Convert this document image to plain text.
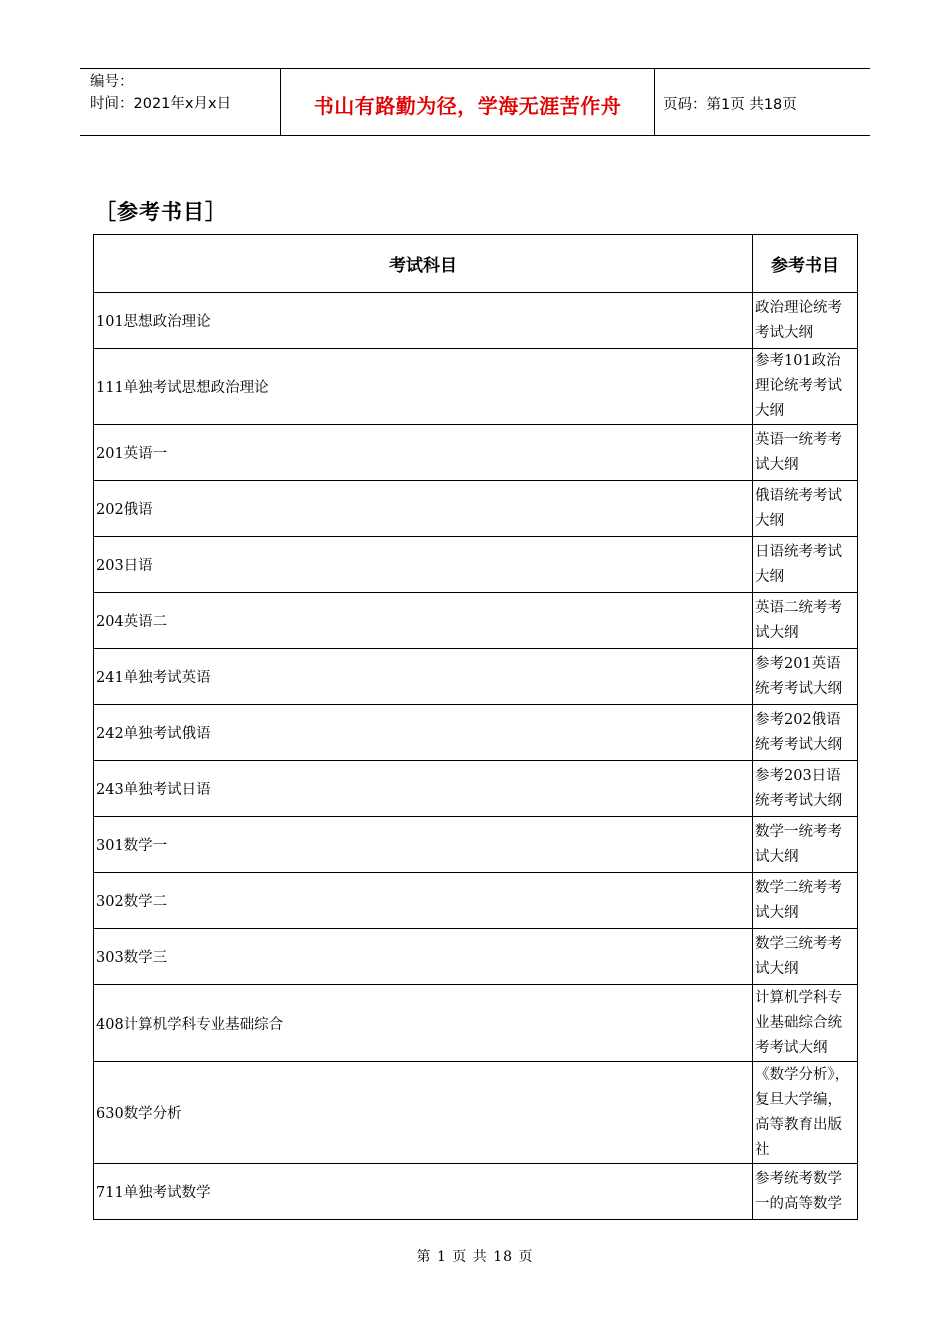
编号：
时间：2021年x月x日	书山有路勤为径，学海无涯苦作舟	页码：第1页 共18页
［参考书目］
考试科目	参考书目
101思想政治理论	政治理论统考考试大纲
111单独考试思想政治理论	参考101政治理论统考考试大纲
201英语一	英语一统考考试大纲
202俄语	俄语统考考试大纲
203日语	日语统考考试大纲
204英语二	英语二统考考试大纲
241单独考试英语	参考201英语统考考试大纲
242单独考试俄语	参考202俄语统考考试大纲
243单独考试日语	参考203日语统考考试大纲
301数学一	数学一统考考试大纲
302数学二	数学二统考考试大纲
303数学三	数学三统考考试大纲
408计算机学科专业基础综合	计算机学科专业基础综合统考考试大纲
630数学分析	《数学分析》，复旦大学编，高等教育出版社
711单独考试数学	参考统考数学一的高等数学
第 1 页 共 18 页
